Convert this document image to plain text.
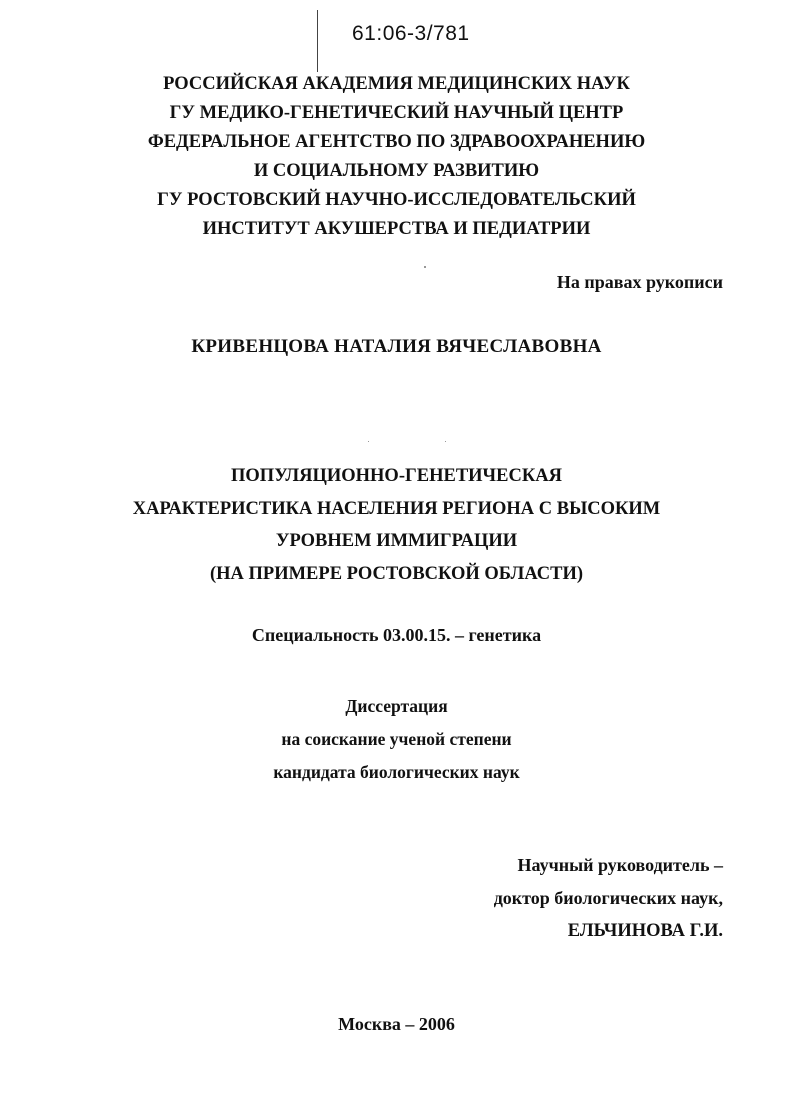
61:06-3/781
РОССИЙСКАЯ АКАДЕМИЯ МЕДИЦИНСКИХ НАУК
ГУ МЕДИКО-ГЕНЕТИЧЕСКИЙ НАУЧНЫЙ ЦЕНТР
ФЕДЕРАЛЬНОЕ АГЕНТСТВО ПО ЗДРАВООХРАНЕНИЮ
И СОЦИАЛЬНОМУ РАЗВИТИЮ
ГУ РОСТОВСКИЙ НАУЧНО-ИССЛЕДОВАТЕЛЬСКИЙ
ИНСТИТУТ АКУШЕРСТВА И ПЕДИАТРИИ
На правах рукописи
КРИВЕНЦОВА НАТАЛИЯ ВЯЧЕСЛАВОВНА
ПОПУЛЯЦИОННО-ГЕНЕТИЧЕСКАЯ
ХАРАКТЕРИСТИКА НАСЕЛЕНИЯ РЕГИОНА С ВЫСОКИМ
УРОВНЕМ ИММИГРАЦИИ
(НА ПРИМЕРЕ РОСТОВСКОЙ ОБЛАСТИ)
Специальность 03.00.15. – генетика
Диссертация
на соискание ученой степени
кандидата биологических наук
Научный руководитель –
доктор биологических наук,
ЕЛЬЧИНОВА Г.И.
Москва – 2006
